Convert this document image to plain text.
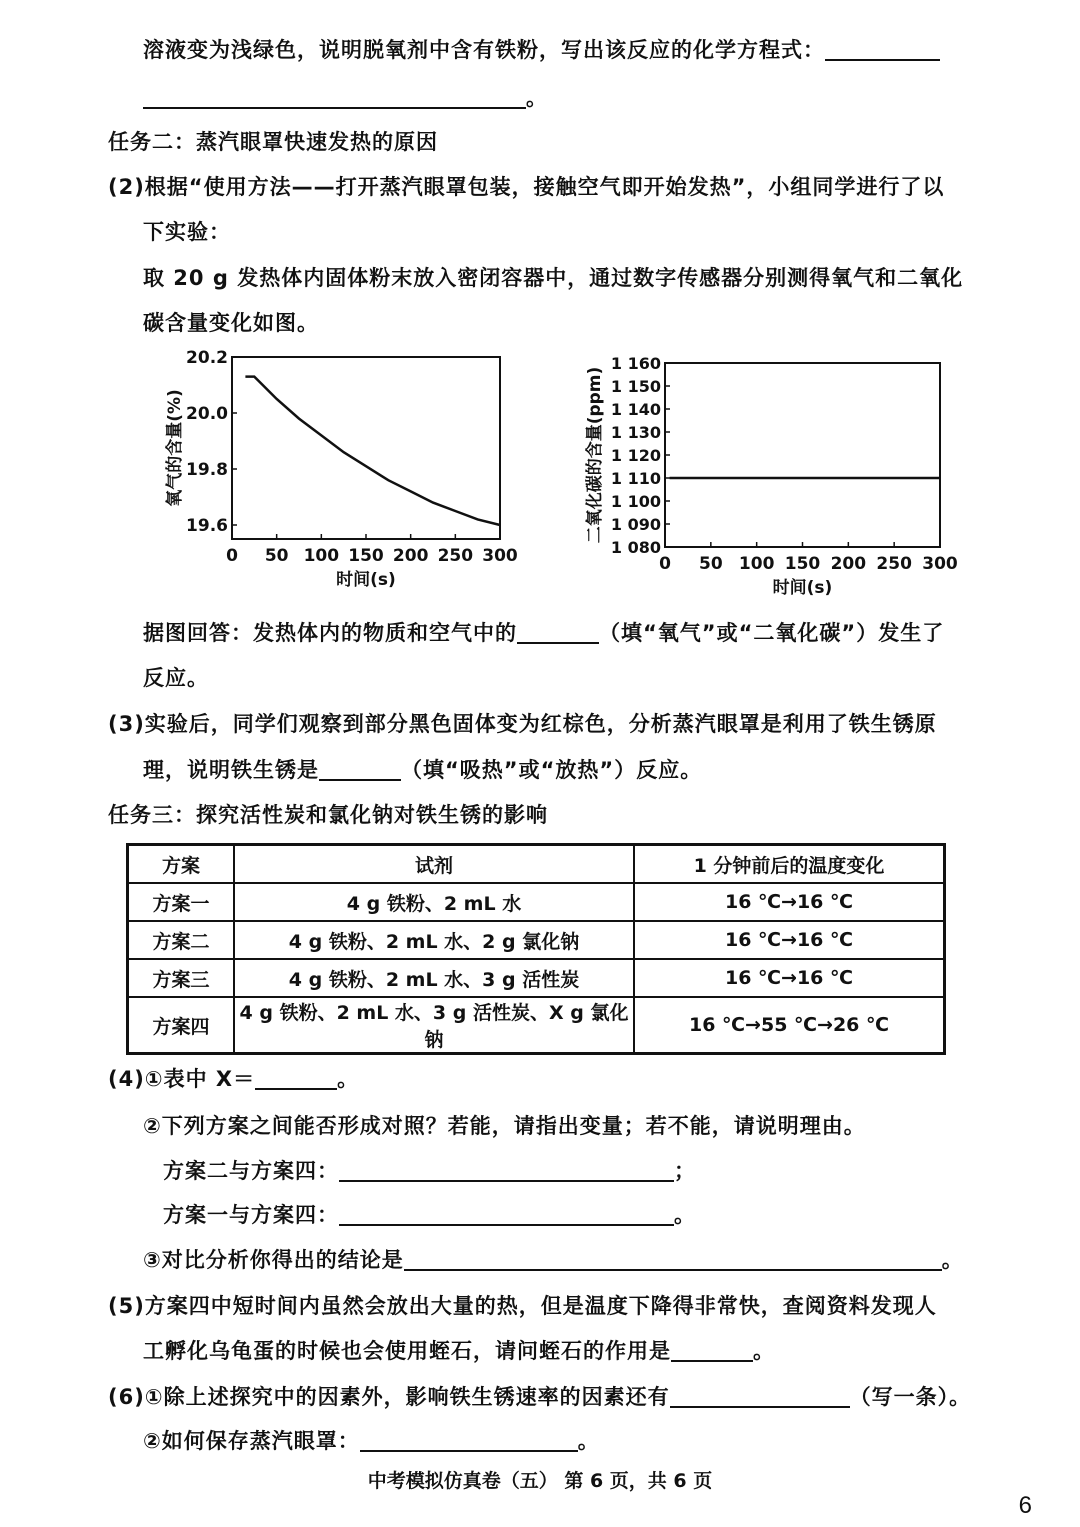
溶液变为浅绿色，说明脱氧剂中含有铁粉，写出该反应的化学方程式：
。
任务二：蒸汽眼罩快速发热的原因
(2)根据“使用方法——打开蒸汽眼罩包装，接触空气即开始发热”，小组同学进行了以
下实验：
取 20 g 发热体内固体粉末放入密闭容器中，通过数字传感器分别测得氧气和二氧化
碳含量变化如图。
0 50 100 150 200 250 300
20.2
20.0
19.8
19.6
时间(s)
氧气的含量(%)
0 50 100 150 200 250 300
1 160
1 150
1 140
1 130
1 120
1 110
1 100
1 090
1 080
时间(s)
二氧化碳的含量(ppm)
据图回答：发热体内的物质和空气中的	（填“氧气”或“二氧化碳”）发生了
反应。
(3)实验后，同学们观察到部分黑色固体变为红棕色，分析蒸汽眼罩是利用了铁生锈原
理，说明铁生锈是	（填“吸热”或“放热”）反应。
任务三：探究活性炭和氯化钠对铁生锈的影响
方案	试剂	1 分钟前后的温度变化
方案一	4 g 铁粉、2 mL 水	16 ℃→16 ℃
方案二	4 g 铁粉、2 mL 水、2 g 氯化钠	16 ℃→16 ℃
方案三	4 g 铁粉、2 mL 水、3 g 活性炭	16 ℃→16 ℃
方案四	4 g 铁粉、2 mL 水、3 g 活性炭、X g 氯化钠	16 ℃→55 ℃→26 ℃
(4)①表中 X＝	。
②下列方案之间能否形成对照？若能，请指出变量；若不能，请说明理由。
方案二与方案四：	；
方案一与方案四：	。
③对比分析你得出的结论是	。
(5)方案四中短时间内虽然会放出大量的热，但是温度下降得非常快，查阅资料发现人
工孵化乌龟蛋的时候也会使用蛭石，请问蛭石的作用是	。
(6)①除上述探究中的因素外，影响铁生锈速率的因素还有	（写一条）。
②如何保存蒸汽眼罩：	。
中考模拟仿真卷（五） 第 6 页，共 6 页
6
